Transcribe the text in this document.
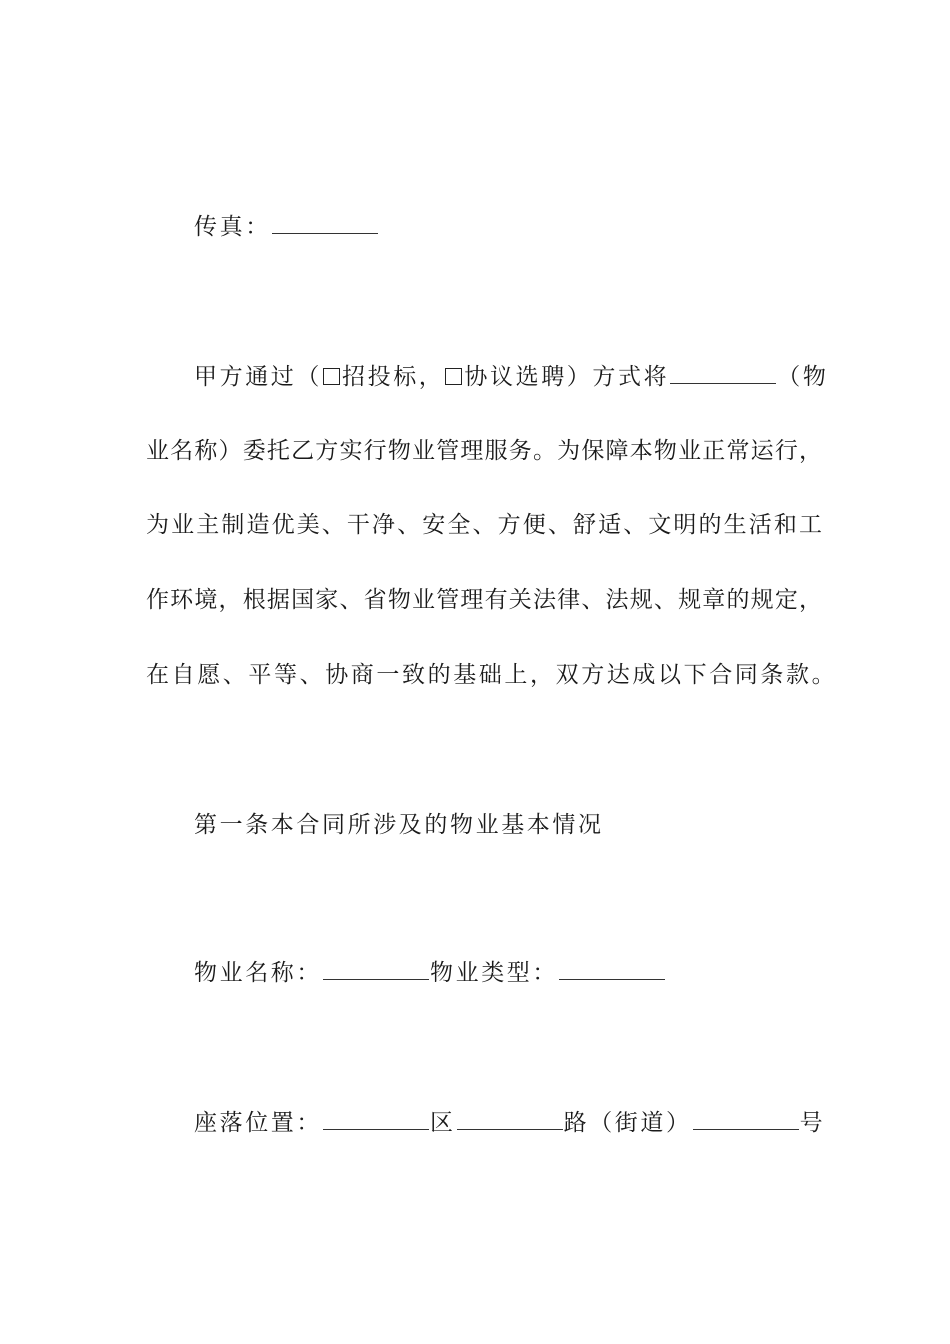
传真：
甲方通过（ 招投标， 协议选聘）方式将	（物
业名称）委托乙方实行物业管理服务。为保障本物业正常运行，
为业主制造优美、干净、安全、方便、舒适、文明的生活和工
作环境，根据国家、省物业管理有关法律、法规、规章的规定，
在自愿、平等、协商一致的基础上，双方达成以下合同条款。
第一条本合同所涉及的物业基本情况
物业名称：	物业类型：
座落位置：	区	路（街道）	号
